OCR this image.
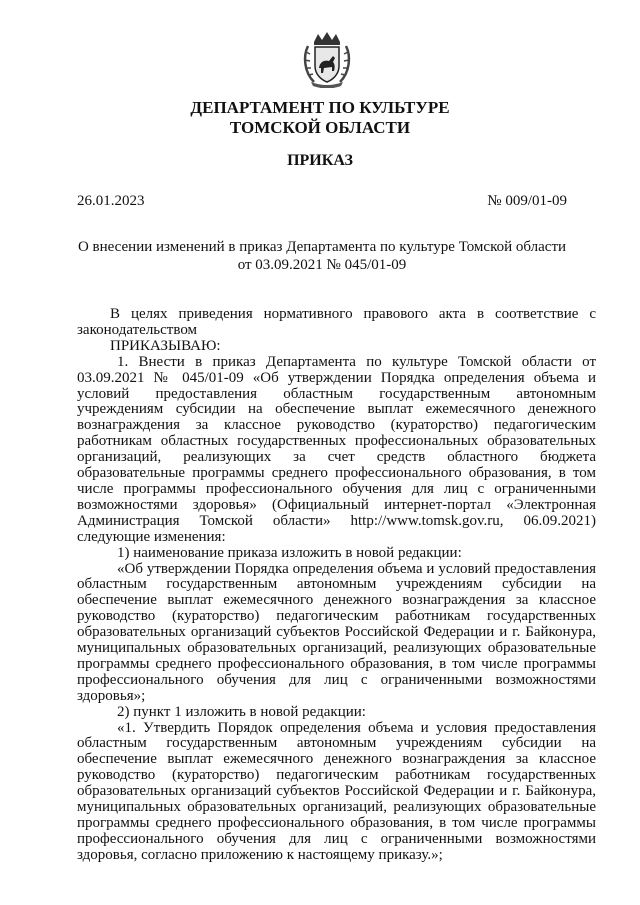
ДЕПАРТАМЕНТ ПО КУЛЬТУРЕ
ТОМСКОЙ ОБЛАСТИ
ПРИКАЗ
26.01.2023	№ 009/01-09
О внесении изменений в приказ Департамента по культуре Томской области
от 03.09.2021 № 045/01-09

В целях приведения нормативного правового акта в соответствие с законодательством

ПРИКАЗЫВАЮ:

1. Внести в приказ Департамента по культуре Томской области от 03.09.2021 № 045/01-09 «Об утверждении Порядка определения объема и условий предоставления областным государственным автономным учреждениям субсидии на обеспечение выплат ежемесячного денежного вознаграждения за классное руководство (кураторство) педагогическим работникам областных государственных профессиональных образовательных организаций, реализующих за счет средств областного бюджета образовательные программы среднего профессионального образования, в том числе программы профессионального обучения для лиц с ограниченными возможностями здоровья» (Официальный интернет-портал «Электронная Администрация Томской области» http://www.tomsk.gov.ru, 06.09.2021) следующие изменения:

1) наименование приказа изложить в новой редакции:

«Об утверждении Порядка определения объема и условий предоставления областным государственным автономным учреждениям субсидии на обеспечение выплат ежемесячного денежного вознаграждения за классное руководство (кураторство) педагогическим работникам государственных образовательных организаций субъектов Российской Федерации и г. Байконура, муниципальных образовательных организаций, реализующих образовательные программы среднего профессионального образования, в том числе программы профессионального обучения для лиц с ограниченными возможностями здоровья»;

2) пункт 1 изложить в новой редакции:

«1. Утвердить Порядок определения объема и условия предоставления областным государственным автономным учреждениям субсидии на обеспечение выплат ежемесячного денежного вознаграждения за классное руководство (кураторство) педагогическим работникам государственных образовательных организаций субъектов Российской Федерации и г. Байконура, муниципальных образовательных организаций, реализующих образовательные программы среднего профессионального образования, в том числе программы профессионального обучения для лиц с ограниченными возможностями здоровья, согласно приложению к настоящему приказу.»;
